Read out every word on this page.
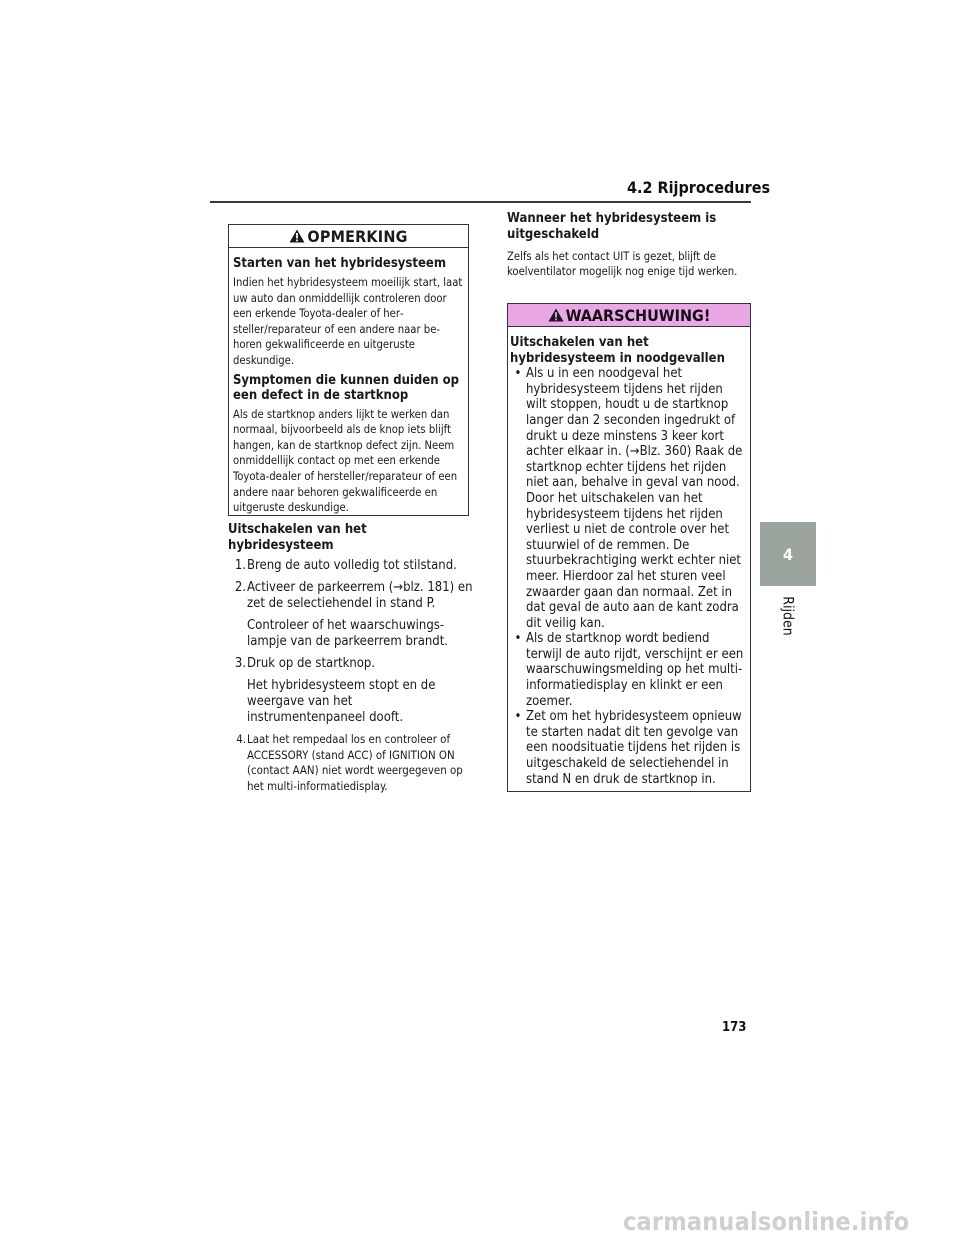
4.2 Rijprocedures
OPMERKING
Starten van het hybridesysteem
Indien het hybridesysteem moeilijk start, laat uw auto dan onmiddellijk controleren door een erkende Toyota-dealer of hersteller/reparateur of een andere naar behoren gekwalificeerde en uitgeruste deskundige.
Symptomen die kunnen duiden op een defect in de startknop
Als de startknop anders lijkt te werken dan normaal, bijvoorbeeld als de knop iets blijft hangen, kan de startknop defect zijn. Neem onmiddellijk contact op met een erkende Toyota-dealer of hersteller/reparateur of een andere naar behoren gekwalificeerde en uitgeruste deskundige.
Uitschakelen van het hybridesysteem
1. Breng de auto volledig tot stilstand.
2. Activeer de parkeerrem (→blz. 181) en zet de selectiehendel in stand P.
Controleer of het waarschuwingslampje van de parkeerrem brandt.
3. Druk op de startknop.
Het hybridesysteem stopt en de weergave van het instrumentenpaneel dooft.
4. Laat het rempedaal los en controleer of ACCESSORY (stand ACC) of IGNITION ON (contact AAN) niet wordt weergegeven op het multi-informatiedisplay.
Wanneer het hybridesysteem is uitgeschakeld
Zelfs als het contact UIT is gezet, blijft de koelventilator mogelijk nog enige tijd werken.
WAARSCHUWING!
Uitschakelen van het hybridesysteem in noodgevallen
• Als u in een noodgeval het hybridesysteem tijdens het rijden wilt stoppen, houdt u de startknop langer dan 2 seconden ingedrukt of drukt u deze minstens 3 keer kort achter elkaar in. (→Blz. 360) Raak de startknop echter tijdens het rijden niet aan, behalve in geval van nood. Door het uitschakelen van het hybridesysteem tijdens het rijden verliest u niet de controle over het stuurwiel of de remmen. De stuurbekrachtiging werkt echter niet meer. Hierdoor zal het sturen veel zwaarder gaan dan normaal. Zet in dat geval de auto aan de kant zodra dit veilig kan.
• Als de startknop wordt bediend terwijl de auto rijdt, verschijnt er een waarschuwingsmelding op het multi-informatiedisplay en klinkt er een zoemer.
• Zet om het hybridesysteem opnieuw te starten nadat dit ten gevolge van een noodsituatie tijdens het rijden is uitgeschakeld de selectiehendel in stand N en druk de startknop in.
4
Rijden
173
carmanualsonline.info
